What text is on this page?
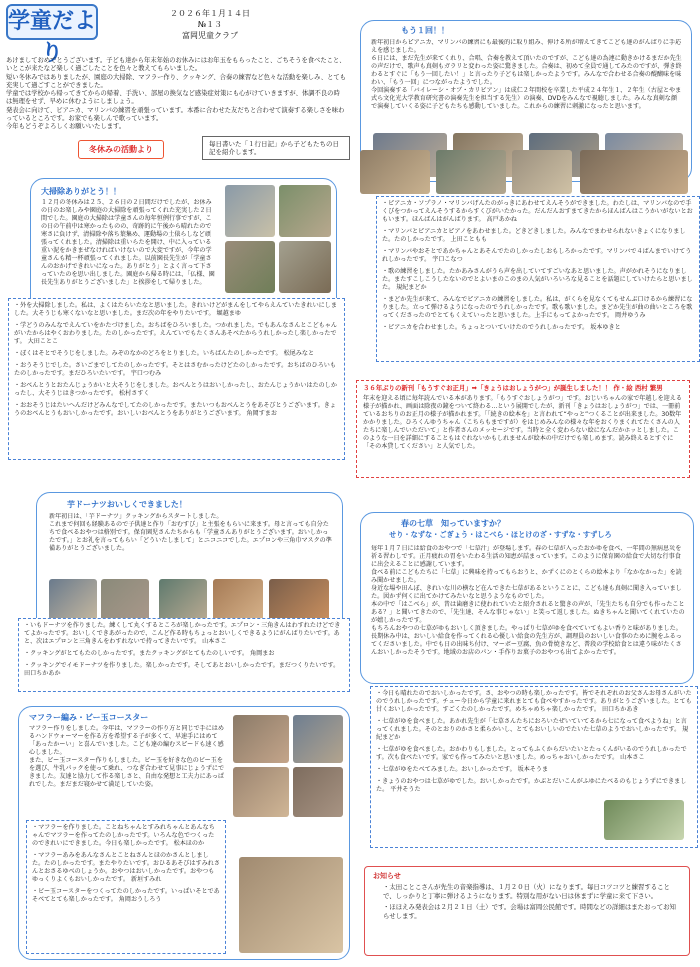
学童だより
２０２６年１月１４日
№１３
富岡児童クラブ
あけましておめでとうございます。子ども達から年末年始のお休みにはお年玉をもらったこと、ごちそうを食べたこと、いとこが来たなど楽しく過ごしたことを色々と教えてもらいました。
短い冬休みではありましたが、園庭の大掃除、マフラー作り、クッキング、合奏の練習など色々な活動を楽しみ、とても充実して過ごすことができました。
学童では学校から帰ってきてからの帰着、手洗い、部屋の換気など感染症対策にも心がけていきますが、体調不良の時は無理をせず、早めに休むようにしましょう。
発表会に向けて、ピアニカ、マリンバの練習を頑張っています。本番に合わせた友だちと合わせて演奏する楽しさを味わっているところです。お家でも楽しんで歌っています。
今年もどうぞよろしくお願いいたします。
冬休みの活動より
毎日書いた「１行日記」から子どもたちの日記を紹介します。
大掃除ありがとう！！
１２月の冬休みは２５、２６日の２日間だけでしたが、お休みの日のお楽しみや園庭の大掃除を頑張ってくれた充実した２日間でした。園庭の大掃除は学童さんの毎年恒例行事ですが、この日の午前中は寒かったものの、奇跡的に午後から晴れたので寒さに負けず、清掃除や落ち葉集め、運動場の土俵らしなど頑張ってくれました。清掃除は重いらたを開け、中に入っている重い泥をかきまぜなければいけないので大変ですが、今年の学童さんも精一杯頑張ってくれました。以前園長先生が「学童さんのおかげできれいになった。ありがとう」とよく言って下さっていたのを思い出しました。園庭から帰る時には、「仏様、園長先生ありがとうございました」と挨拶をして帰りました。

・外を大掃除しました。私は、よくはたらいたなと思いました。きれいけどがまんをしてやらえんていたきれいにしました。大そうじも寒くないなと思いました。まだ次の年をやりたいです。 堀越まゆ

・学どうのみんなでえんていをかたづけました。おちばをひろいました。つかれました。でもあんなさんとこどもゃんがいたからはやくおわりました。たのしかったです。えんていでもたくさんあそべたからうれしかったし楽しかったです。 大田ことこ

・ぼくはそとでそうじをしました。みぞのなかのどろをとりました。いちばんたのしかったです。 松尾みなと

・おうそうじでした。さいごまでしてたのしかったです。そとはさむかったけどたのしかったです。おちばのひろいもたのしかったです。まだひろいたいです。 宇口つむみ

・おべんとうとおたんじょうかいと大そうじをしました。おべんとうはおいしかったし、おたんじょうかいはたのしかったし、大そうじはきつかったです。 松村さすく

・おおそうじはたいへんだけどみんなでしてたのしかったです。またいつもおべんとうをあそびとうございます。きょうのおべんとうもおいしかったです。おいしいおべんとうをありがとうございます。 角岡すまお

芋ドーナツおいしくできました！
新年初日は、「芋ドーナツ」クッキングからスタートしました。
これまで何回も経験あるので子供達と作り「おむすび」と主張をもらいに来ます。母と言っても自分たちで食べるおやつは格別です。保育園児さんたちからも「学童さんありがとうございます。おいしかったです。」とお礼を言ってもらい「どういたしまして」とニコニコでした。エプロンや三角巾マスクの準備ありがとうございました。

・いもドーナツを作りました。練くして丸くするところが楽しかったです。エプロン・三角きんはわすれたけどできてよかったです。おいしくできあがったので、こんど作る時もちょっとおいしくできるようにがんばりたいです。あと、次はエプロンと三角きんをわすれないで持ってきたいです。 山本さこ

・クッキングがとてもたのしかったです。またクッキングがとてもたのしいです。 角岡まお

・クッキングでイモドーナツを作りました。楽しかったです。そしてあとおいしかったです。まだつくりたいです。 田口ちかあか

マフラー編み・ビー玉コースター
マフラー作りをしました。今年は、マフラーの作り方と同じで手にはめるハンドウォーマーを作る方を希望する子が多くて、早速手にはめて「あったかーい」と喜んでいました。こども達の編むスピードも速く感心しました。
また、ビー玉コースター作りもしました。ビー玉を好きな色のビー玉をを選び、牛乳パックを使って乗れ、つなぎ合わせて見事にじょうずにできました。友達と協力して作る楽しさと、自由な発想と工夫力にあっぱれでした。まだまだ寝かせて満足していた姿。

・マフラーを作りました。ことねちゃんとすみれちゃんとあんなちゃんでマフラーを作ってたのしかったです。いろんな色でつくったのできれいにできました。今日も楽しかったです。 松本ほのか

・マフラーあみをあんなさんとことねさんとほのかさんとしました。たのしかったです。またやりたいです。おひるあそびはすみれさんとおさるゆべのしょうか。おやつはおいしかったです。おやつもゆっくりよくもおいしかったです。 新垣すみれ

・ビー玉コースターをつくってたのしかったです。いっぱいそとであそべてとても楽しかったです。 角岡おうしろう

もう１回！！
新年初日からピアニカ、マリンバの練習にも最後的に取り組み、伸ける所が増えてきてこども達のがんばりに手応えを感じました。
６日には、まだ先生が来てくれり、合唱、合奏を教えて頂いたのですが、こども達の為連に動きかけるまだか先生の声だけで、歌声も真剣もガラリと変わった姿に驚きました。合奏は、初めて全員で通してみたのですが、弾き終わるとすぐに「もう一回したい！」と言ったり子どもは楽しかったようです。みんなで合わせる合奏の醍醐味を味わい、「もう一回」につながったようでした。
今回演奏する「バイレーシ・オブ・カリビアン」は成仁２年間校を卒業した平成２４年生１、２年生（古屋とやま式ら文化光大学教育研究書の演奏先生を担当する先生）の演奏、DVDをみんなで視聴しました。みんな真剣な顔で演奏していくる姿に子どもたちも感動していました。これからの練習に刺激になったと思います。

・ピアニカ・ソプラノ・マリンバげんたのがっきにあわせてえんそうができました。わたしは、マリンバなので手くびをつかってえんそうするからすくびがいたかった。だんだんおすまてきたからほんばんはこうかいがないとおもいます。ほんばんはがんばります。 高戸あかね

・マリンバとピアニカとピアノをあわせました。どきどきしました。みんなでまわせられないきょくになりました。たのしかったです。 上田こともも

・マリンバやおそとであかちゃんとあそんでたのしかったしおもしろかったです。マリンバで４ばんまでいけてうれしかったです。 宇口こなつ

・歌の練習をしました。たかあみさんがうら声を出していてすごいなあと思いました。声がかれそうになりました。またすこしこうしたないのでとよいまのこのまの人気がいろいろな見ることを話題にしていけたらと思いました。 規紀まどか

・まどか先生が来て、みんなでピアニカの練習をしました。私は、がくらを見なくてもせんぶ口けるから練習になりました。立って弾けるようになったのでうれしかったです。歌も歌いました。まどか先生が曲の曲いところを歌ってくださったのでとてもくえていったと思いました。上手にもってよかったです。 岡井ゆうみ

・ピアニカを合わせました。ちょっとついていけたのでうれしかったです。 坂本ゆきと

３６年ぶりの新刊「もうすぐお正月」➡「きょうはおしょうがつ」が誕生しました！！ 作・絵 西村 繁男
年末を迎える頃に毎年読んでいる本があります。「もうすぐおしょうがつ」です。おじいちゃんの家で年越しを迎える様子が描かれ、画面は除夜の鐘をついて終わる…という展開でしたが、新刊「きょうはおしょうがつ」では、一冊前ているおちりのお正月の様子が描かれます。「「続きの絵本を」と言われて“やっと”つくることが出来ました。30数年かかりました。ひろくんゆうちゃん（こちらもまですが）をはじめみんなの様々な年をおくりまくれてたくさんの人たちに楽しんでいただいて」と作者さんのメッセージです。当時と全く変わらない絵になんだかホッとしました。このような一日を詳細にすることもはぐれないかもしれませんが絵本の中だけでも楽しめます。読み終えるとすぐに「その本貸してください」と人気でした。
春の七草　知っていますか？
せり・なずな・ごぎょう・はこべら・ほとけのざ・すずな・すずしろ
毎年１月７日には給食のおやつで「七草汁」が登場します。春の七草が入ったおかゆを食べ、一年間の無病息災を祈る習わしです。正月疲れの胃をいたわる生活の知恵が詰まっています。このように保育園の給食で大切な行事食に出会えることに感謝しています。
食べる前にこどもたちに「七草」に興味を持ってもらおうと、かずくにのとくらの絵本より「なかなかった」を読み聞かせました。
身近な場や田んぼ、きれいな川の横など在んできた七草があるということに、こども達も真剣に聞き入っていました。図かず何くに出てかけてみたいなと思うようなものでした。
本の中で「はこべら」が、昔は歯磨きに使われていたと紹介されると驚きの声が、「先生たちも自分でも作ったことある？」と聞いてきたので、「先生達、そんな事じゃない」と笑って返しました。ぬきちゃんと聞いてくれていたのが嬉しかったです。
もちろんおやつの七草がゆもおいしく頂きました。やっぱり七草がゆを食べていてもよい香りと味がありました。長期休み中は、おいしい給食を作ってくれる心優しい給食の先生方が、調理員のおいしい食事のために腕をふるってくださいました。中でも日の出味ち付け、マーボー豆腐、魚の骨焼きなど、普段の学校給食とは違う味がたくさんおいしかったそうです。地域のお店のパン・手作りお菓子のおやつも出てよかったです。

・今日も晴れたのでおいしかったです。さ、おやつの時も楽しかったです。皆でそれぞれのお父さんお母さんがいたのでうれしかったです。チュー今日から学童に来れまとても食べやすかったです。ありがとうございました。とても甘くおいしかったです。すごくたのしかったです。めちゃめちゃ楽しかったです。 田口ちかあき

・七草がゆを食べました。あかれ先生が「七草さんたちにおろいたぜいていてるから七になって食べようね」と言ってくれました。そのとおりのかさと柔らかいし、とてもおいしいのでたいた七草のようでおいしかったです。 規紀まどか

・七草がゆを食べました。おかわりもしました。とってもふくからだいたいとたっくんがいるのでうれしかったです。次も食べたいです。家でも作ってみたいと思いました。めっちゃおいしかったです。 山本さこ

・七草がゆをたべてみました。おいしかったです。 坂本そうま

・きょうのおやつは七草がゆでした。おいしかったです。かぶとだいこんがふゆにたべるのもじょうずにできました。 平井そうた

お知らせ
・太田ことこさんが先生の音楽指導は、１月２０日（火）になります。毎日コツコツと練習することで、しっかりと丁寧に弾けるようになります。特別な用がない日は休まずに学童に来て下さい。
・ほほえみ発表会は２月２１日（土）です。会場は富岡公民館です。時間などの詳細はまたおってお知らせします。
